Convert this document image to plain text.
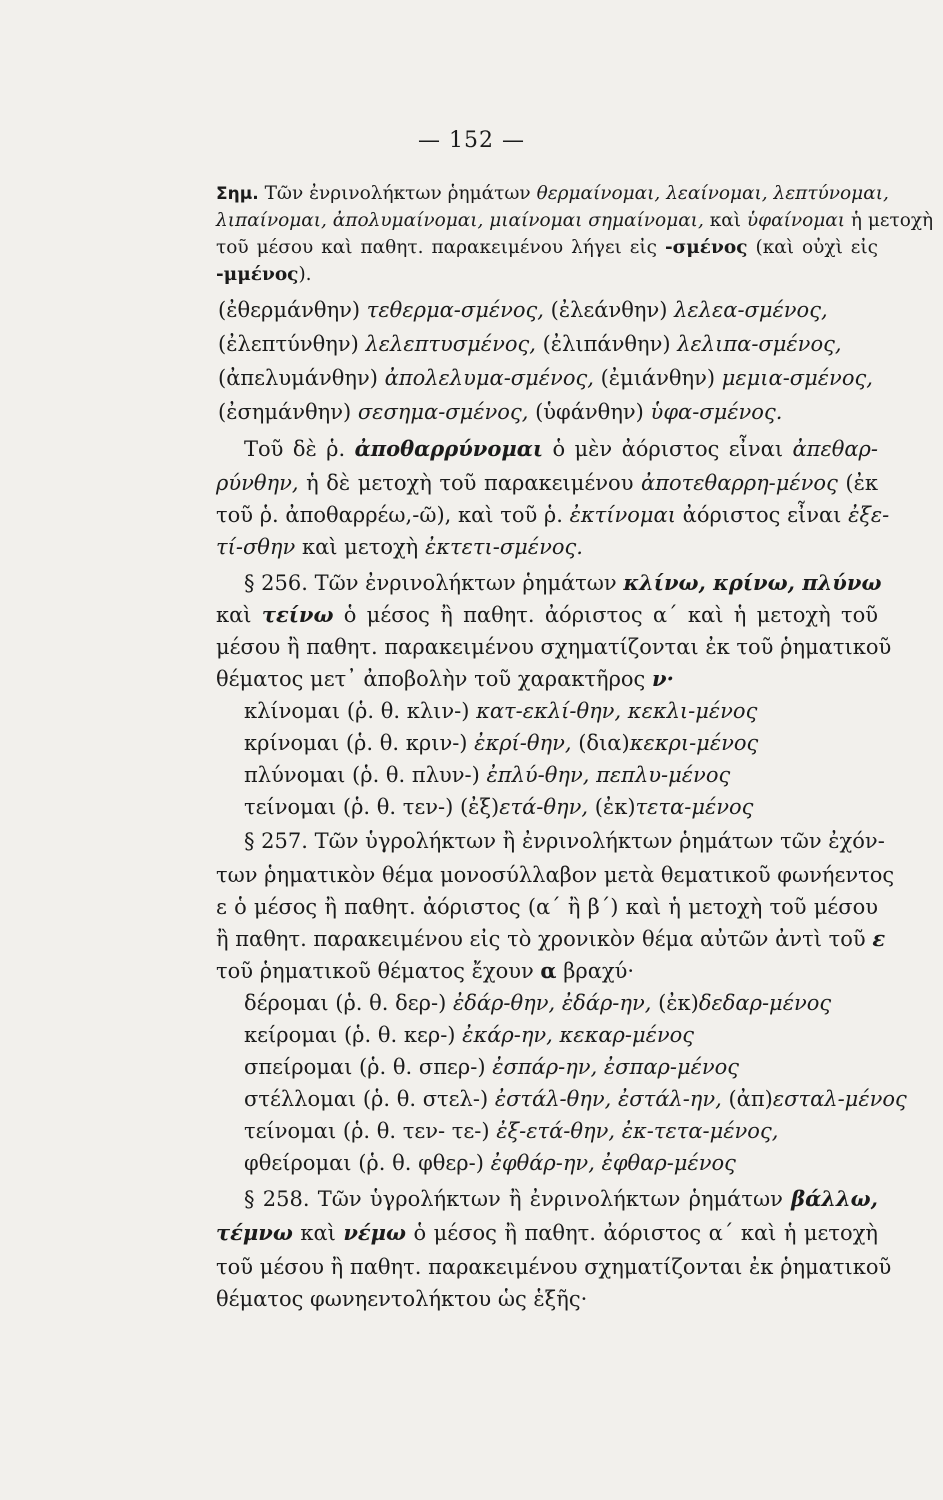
— 152 —
Σημ. Τῶν ἐνρινολήκτων ῥημάτων θερμαίνομαι, λεαίνομαι, λεπτύνομαι,
λιπαίνομαι, ἀπολυμαίνομαι, μιαίνομαι σημαίνομαι, καὶ ὑφαίνομαι ἡ μετοχὴ
τοῦ μέσου καὶ παθητ. παρακειμένου λήγει εἰς -σμένος (καὶ οὐχὶ εἰς
-μμένος).
(ἐθερμάνθην) τεθερμα-σμένος, (ἐλεάνθην) λελεα-σμένος,
(ἐλεπτύνθην) λελεπτυσμένος, (ἐλιπάνθην) λελιπα-σμένος,
(ἀπελυμάνθην) ἀπολελυμα-σμένος, (ἐμιάνθην) μεμια-σμένος,
(ἐσημάνθην) σεσημα-σμένος, (ὑφάνθην) ὑφα-σμένος.
Τοῦ δὲ ῥ. ἀποθαρρύνομαι ὁ μὲν ἀόριστος εἶναι ἀπεθαρ-
ρύνθην, ἡ δὲ μετοχὴ τοῦ παρακειμένου ἀποτεθαρρη-μένος (ἐκ
τοῦ ῥ. ἀποθαρρέω,-ῶ), καὶ τοῦ ῥ. ἐκτίνομαι ἀόριστος εἶναι ἐξε-
τί-σθην καὶ μετοχὴ ἐκτετι-σμένος.
§ 256. Τῶν ἐνρινολήκτων ῥημάτων κλίνω, κρίνω, πλύνω
καὶ τείνω ὁ μέσος ἢ παθητ. ἀόριστος α´ καὶ ἡ μετοχὴ τοῦ
μέσου ἢ παθητ. παρακειμένου σχηματίζονται ἐκ τοῦ ῥηματικοῦ
θέματος μετ᾽ ἀποβολὴν τοῦ χαρακτῆρος ν·
κλίνομαι (ῥ. θ. κλιν-) κατ-εκλί-θην, κεκλι-μένος
κρίνομαι (ῥ. θ. κριν-) ἐκρί-θην, (δια)κεκρι-μένος
πλύνομαι (ῥ. θ. πλυν-) ἐπλύ-θην, πεπλυ-μένος
τείνομαι (ῥ. θ. τεν-) (ἐξ)ετά-θην, (ἐκ)τετα-μένος
§ 257. Τῶν ὑγρολήκτων ἢ ἐνρινολήκτων ῥημάτων τῶν ἐχόν-
των ῥηματικὸν θέμα μονοσύλλαβον μετὰ θεματικοῦ φωνήεντος
ε ὁ μέσος ἢ παθητ. ἀόριστος (α´ ἢ β´) καὶ ἡ μετοχὴ τοῦ μέσου
ἢ παθητ. παρακειμένου εἰς τὸ χρονικὸν θέμα αὐτῶν ἀντὶ τοῦ ε
τοῦ ῥηματικοῦ θέματος ἔχουν α βραχύ·
δέρομαι (ῥ. θ. δερ-) ἐδάρ-θην, ἐδάρ-ην, (ἐκ)δεδαρ-μένος
κείρομαι (ῥ. θ. κερ-) ἐκάρ-ην, κεκαρ-μένος
σπείρομαι (ῥ. θ. σπερ-) ἐσπάρ-ην, ἐσπαρ-μένος
στέλλομαι (ῥ. θ. στελ-) ἐστάλ-θην, ἐστάλ-ην, (ἀπ)εσταλ-μένος
τείνομαι (ῥ. θ. τεν- τε-) ἐξ-ετά-θην, ἐκ-τετα-μένος,
φθείρομαι (ῥ. θ. φθερ-) ἐφθάρ-ην, ἐφθαρ-μένος
§ 258. Τῶν ὑγρολήκτων ἢ ἐνρινολήκτων ῥημάτων βάλλω,
τέμνω καὶ νέμω ὁ μέσος ἢ παθητ. ἀόριστος α´ καὶ ἡ μετοχὴ
τοῦ μέσου ἢ παθητ. παρακειμένου σχηματίζονται ἐκ ῥηματικοῦ
θέματος φωνηεντολήκτου ὡς ἑξῆς·
